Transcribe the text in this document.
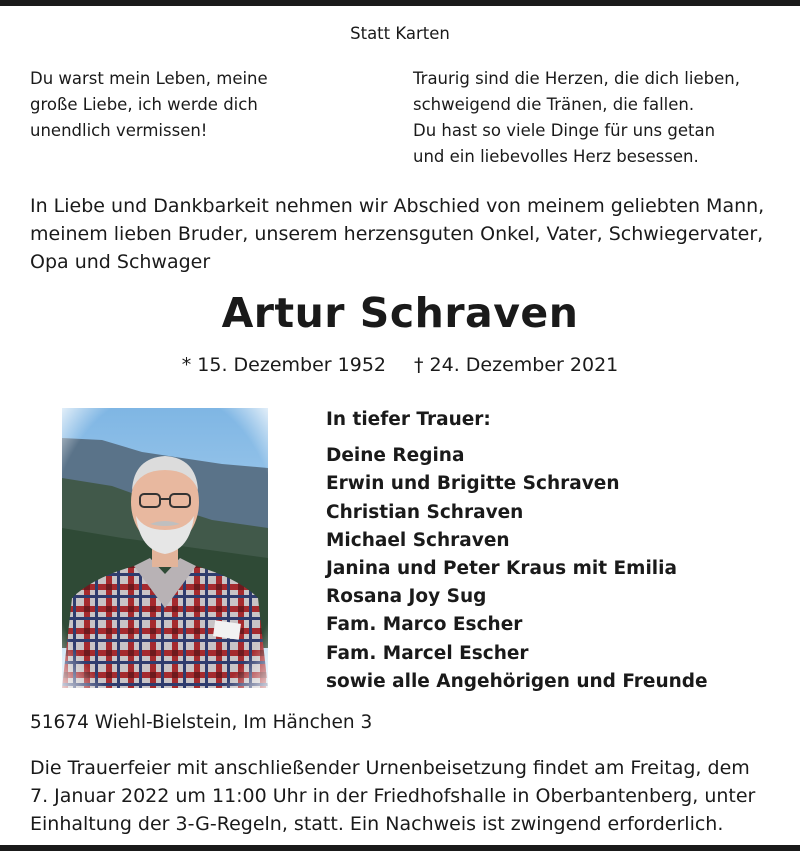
Statt Karten
Du warst mein Leben, meine
große Liebe, ich werde dich
unendlich vermissen!
Traurig sind die Herzen, die dich lieben,
schweigend die Tränen, die fallen.
Du hast so viele Dinge für uns getan
und ein liebevolles Herz besessen.
In Liebe und Dankbarkeit nehmen wir Abschied von meinem geliebten Mann,
meinem lieben Bruder, unserem herzensguten Onkel, Vater, Schwiegervater,
Opa und Schwager
Artur Schraven
* 15. Dezember 1952 † 24. Dezember 2021
In tiefer Trauer:
Deine Regina
Erwin und Brigitte Schraven
Christian Schraven
Michael Schraven
Janina und Peter Kraus mit Emilia
Rosana Joy Sug
Fam. Marco Escher
Fam. Marcel Escher
sowie alle Angehörigen und Freunde
51674 Wiehl-Bielstein, Im Hänchen 3
Die Trauerfeier mit anschließender Urnenbeisetzung findet am Freitag, dem
7. Januar 2022 um 11:00 Uhr in der Friedhofshalle in Oberbantenberg, unter
Einhaltung der 3-G-Regeln, statt. Ein Nachweis ist zwingend erforderlich.
